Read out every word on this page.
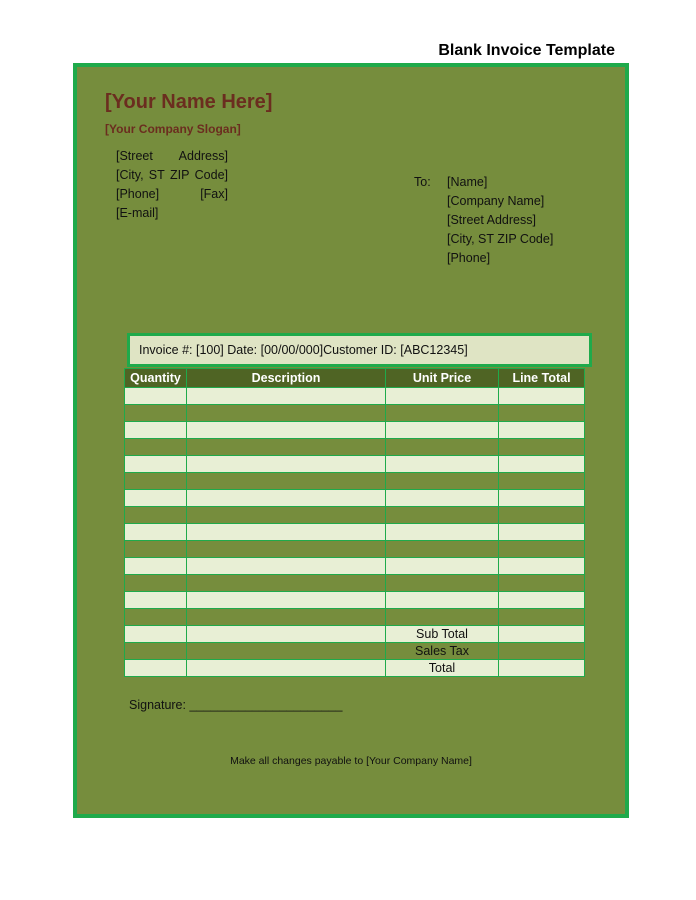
Blank Invoice Template
[Your Name Here]
[Your Company Slogan]
[Street Address]
[City, ST ZIP Code]
[Phone]	[Fax]
[E-mail]
To: [Name]
[Company Name]
[Street Address]
[City, ST ZIP Code]
[Phone]
Invoice #: [100] Date: [00/00/000]Customer ID: [ABC12345]
Quantity	Description	Unit Price	Line Total

		Sub Total	
		Sales Tax	
		Total	
Signature: ______________________
Make all changes payable to [Your Company Name]
